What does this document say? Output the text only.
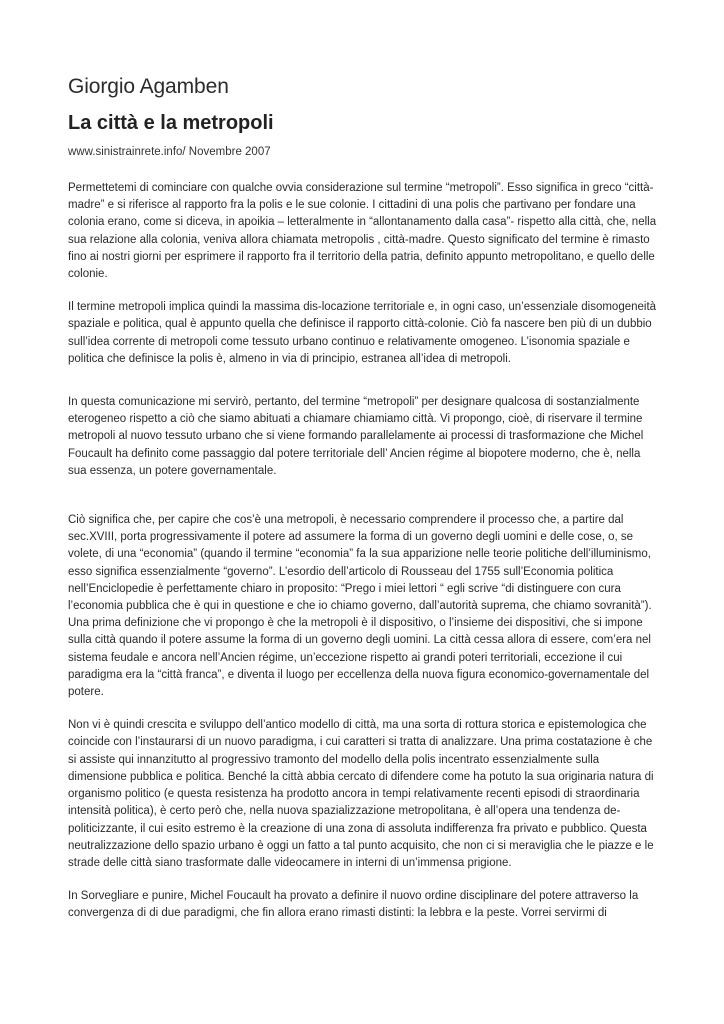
Giorgio Agamben
La città e la metropoli

www.sinistrainrete.info/ Novembre 2007

Permettetemi di cominciare con qualche ovvia considerazione sul termine “metropoli”. Esso significa in greco “città-madre” e si riferisce al rapporto fra la polis e le sue colonie. I cittadini di una polis che partivano per fondare una colonia erano, come si diceva, in apoikia – letteralmente in “allontanamento dalla casa”- rispetto alla città, che, nella sua relazione alla colonia, veniva allora chiamata metropolis , città-madre. Questo significato del termine è rimasto fino ai nostri giorni per esprimere il rapporto fra il territorio della patria, definito appunto metropolitano, e quello delle colonie.

Il termine metropoli implica quindi la massima dis-locazione territoriale e, in ogni caso, un’essenziale disomogeneità spaziale e politica, qual è appunto quella che definisce il rapporto città-colonie. Ciò fa nascere ben più di un dubbio sull’idea corrente di metropoli come tessuto urbano continuo e relativamente omogeneo. L’isonomia spaziale e politica che definisce la polis è, almeno in via di principio, estranea all’idea di metropoli.

In questa comunicazione mi servirò, pertanto, del termine “metropoli” per designare qualcosa di sostanzialmente eterogeneo rispetto a ciò che siamo abituati a chiamare chiamiamo città. Vi propongo, cioè, di riservare il termine metropoli al nuovo tessuto urbano che si viene formando parallelamente ai processi di trasformazione che Michel Foucault ha definito come passaggio dal potere territoriale dell’ Ancien régime al biopotere moderno, che è, nella sua essenza, un potere governamentale.

Ciò significa che, per capire che cos’è una metropoli, è necessario comprendere il processo che, a partire dal sec.XVIII, porta progressivamente il potere ad assumere la forma di un governo degli uomini e delle cose, o, se volete, di una “economia” (quando il termine “economia” fa la sua apparizione nelle teorie politiche dell’illuminismo, esso significa essenzialmente “governo”. L’esordio dell’articolo di Rousseau del 1755 sull’Economia politica nell’Enciclopedie è perfettamente chiaro in proposito: “Prego i miei lettori “ egli scrive “di distinguere con cura l’economia pubblica che è qui in questione e che io chiamo governo, dall’autorità suprema, che chiamo sovranità”). Una prima definizione che vi propongo è che la metropoli è il dispositivo, o l’insieme dei dispositivi, che si impone sulla città quando il potere assume la forma di un governo degli uomini. La città cessa allora di essere, com’era nel sistema feudale e ancora nell’Ancien régime, un’eccezione rispetto ai grandi poteri territoriali, eccezione il cui paradigma era la “città franca”, e diventa il luogo per eccellenza della nuova figura economico-governamentale del potere.

Non vi è quindi crescita e sviluppo dell’antico modello di città, ma una sorta di rottura storica e epistemologica che coincide con l’instaurarsi di un nuovo paradigma, i cui caratteri si tratta di analizzare. Una prima costatazione è che si assiste qui innanzitutto al progressivo tramonto del modello della polis incentrato essenzialmente sulla dimensione pubblica e politica. Benché la città abbia cercato di difendere come ha potuto la sua originaria natura di organismo politico (e questa resistenza ha prodotto ancora in tempi relativamente recenti episodi di straordinaria intensità politica), è certo però che, nella nuova spazializzazione metropolitana, è all’opera una tendenza de-politicizzante, il cui esito estremo è la creazione di una zona di assoluta indifferenza fra privato e pubblico. Questa neutralizzazione dello spazio urbano è oggi un fatto a tal punto acquisito, che non ci si meraviglia che le piazze e le strade delle città siano trasformate dalle videocamere in interni di un’immensa prigione.

In Sorvegliare e punire, Michel Foucault ha provato a definire il nuovo ordine disciplinare del potere attraverso la convergenza di di due paradigmi, che fin allora erano rimasti distinti: la lebbra e la peste. Vorrei servirmi di
